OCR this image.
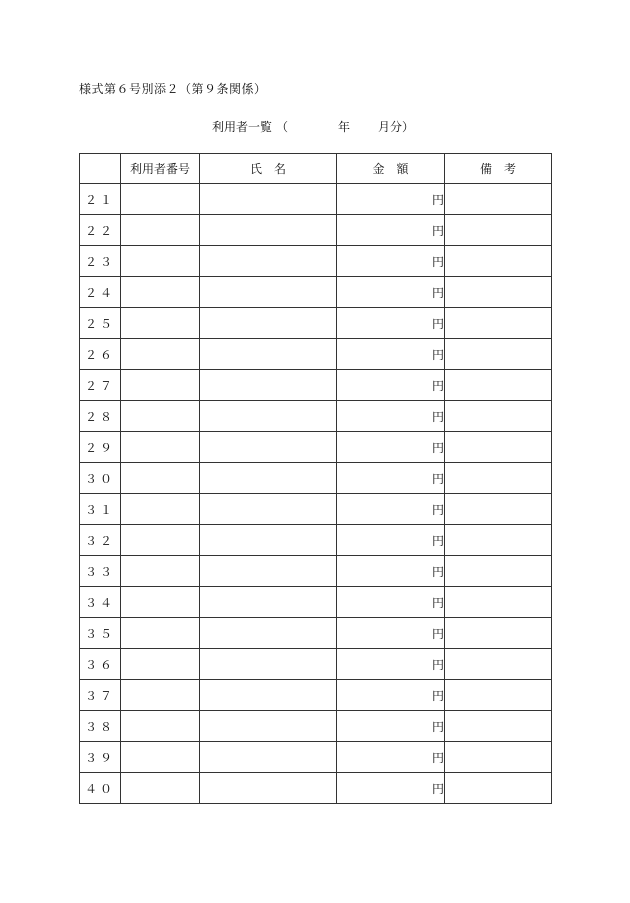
様式第６号別添２（第９条関係）
利用者一覧 （	年 月分）
	利用者番号	氏　名	金　額	備　考
２１			円	
２２			円	
２３			円	
２４			円	
２５			円	
２６			円	
２７			円	
２８			円	
２９			円	
３０			円	
３１			円	
３２			円	
３３			円	
３４			円	
３５			円	
３６			円	
３７			円	
３８			円	
３９			円	
４０			円	
